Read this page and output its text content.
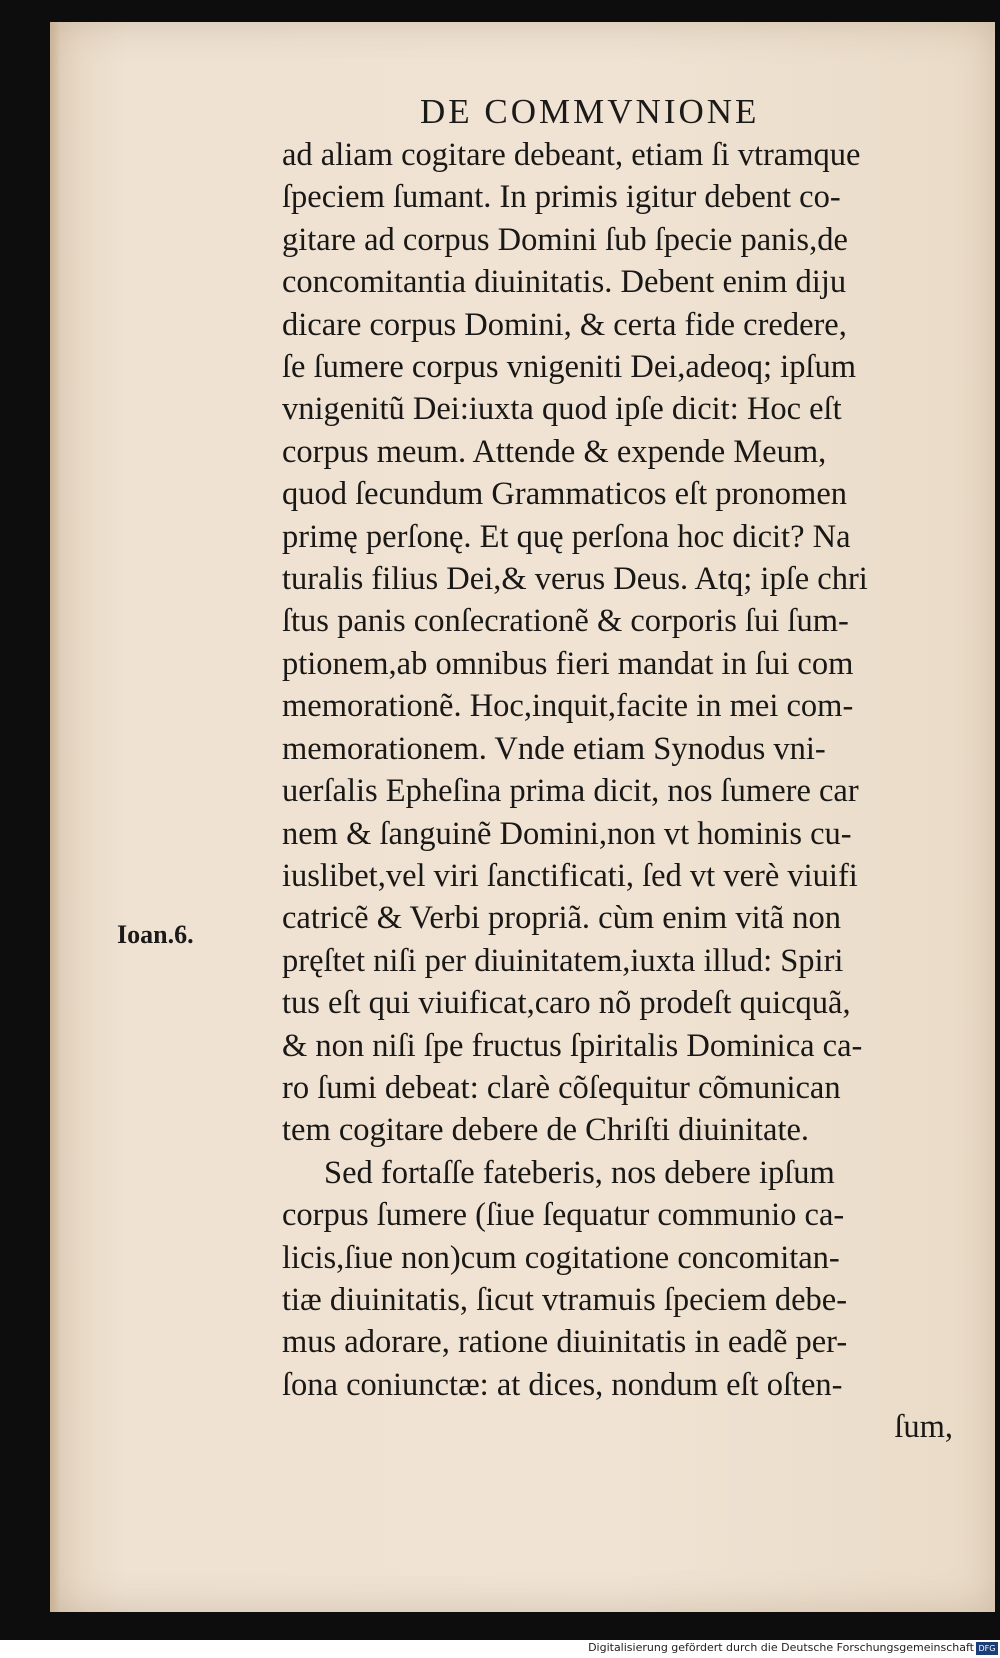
DE COMMVNIONE
Ioan.6.
ad aliam cogitare debeant, etiam ſi vtramque
ſpeciem ſumant. In primis igitur debent co-
gitare ad corpus Domini ſub ſpecie panis,de
concomitantia diuinitatis. Debent enim diju
dicare corpus Domini, & certa fide credere,
ſe ſumere corpus vnigeniti Dei,adeoq; ipſum
vnigenitũ Dei:iuxta quod ipſe dicit: Hoc eſt
corpus meum. Attende & expende Meum,
quod ſecundum Grammaticos eſt pronomen
primę perſonę. Et quę perſona hoc dicit? Na
turalis filius Dei,& verus Deus. Atq; ipſe chri
ſtus panis conſecrationẽ & corporis ſui ſum-
ptionem,ab omnibus fieri mandat in ſui com
memorationẽ. Hoc,inquit,facite in mei com-
memorationem. Vnde etiam Synodus vni-
uerſalis Epheſina prima dicit, nos ſumere car
nem & ſanguinẽ Domini,non vt hominis cu-
iuslibet,vel viri ſanctificati, ſed vt verè viuifi
catricẽ & Verbi propriã. cùm enim vitã non
pręſtet niſi per diuinitatem,iuxta illud: Spiri
tus eſt qui viuificat,caro nõ prodeſt quicquã,
& non niſi ſpe fructus ſpiritalis Dominica ca-
ro ſumi debeat: clarè cõſequitur cõmunican
tem cogitare debere de Chriſti diuinitate.
Sed fortaſſe fateberis, nos debere ipſum
corpus ſumere (ſiue ſequatur communio ca-
licis,ſiue non)cum cogitatione concomitan-
tiæ diuinitatis, ſicut vtramuis ſpeciem debe-
mus adorare, ratione diuinitatis in eadẽ per-
ſona coniunctæ: at dices, nondum eſt oſten-
ſum,
Digitalisierung gefördert durch die Deutsche Forschungsgemeinschaft DFG
